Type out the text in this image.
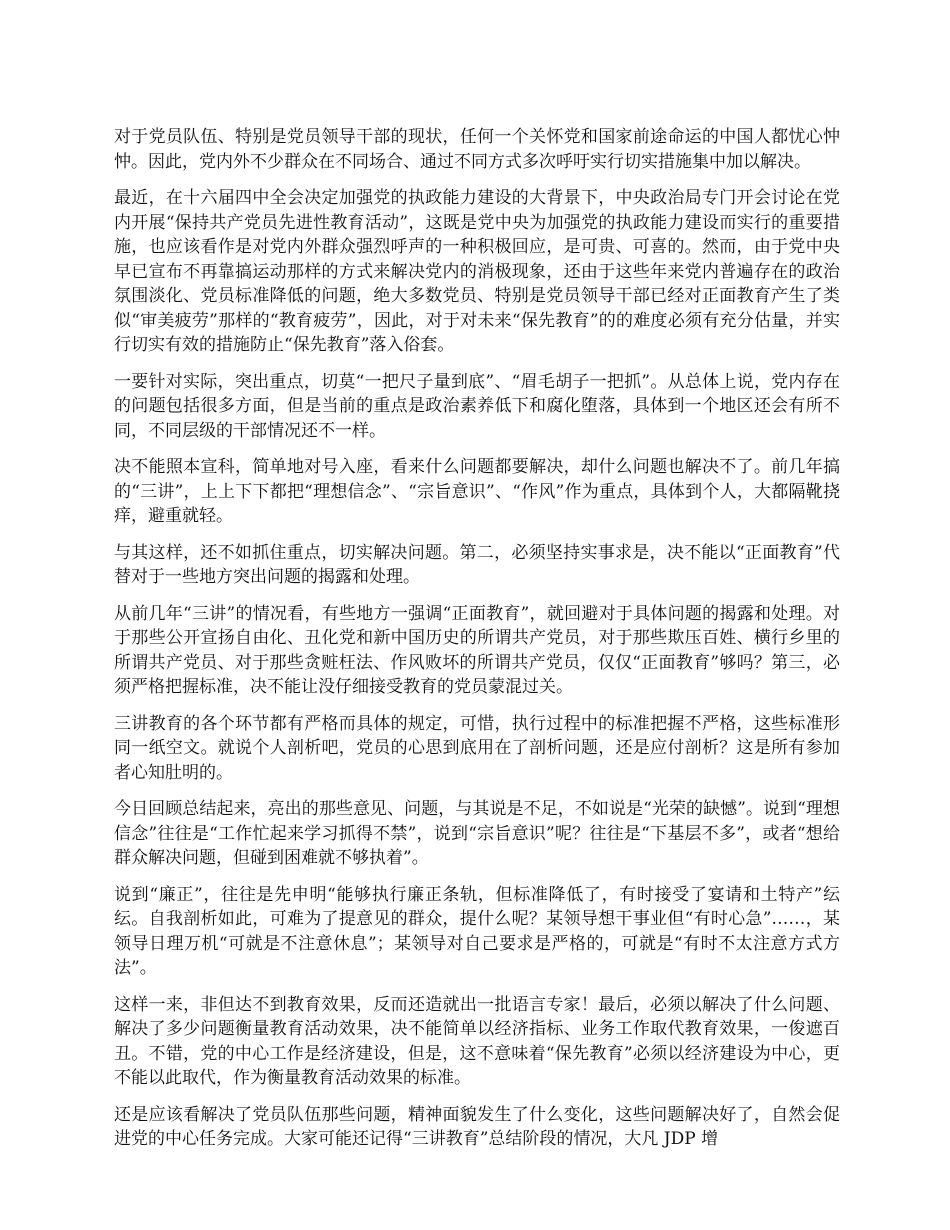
对于党员队伍、特别是党员领导干部的现状，任何一个关怀党和国家前途命运的中国人都忧心忡忡。因此，党内外不少群众在不同场合、通过不同方式多次呼吁实行切实措施集中加以解决。

最近，在十六届四中全会决定加强党的执政能力建设的大背景下，中央政治局专门开会讨论在党内开展“保持共产党员先进性教育活动”，这既是党中央为加强党的执政能力建设而实行的重要措施，也应该看作是对党内外群众强烈呼声的一种积极回应，是可贵、可喜的。然而，由于党中央早已宣布不再靠搞运动那样的方式来解决党内的消极现象，还由于这些年来党内普遍存在的政治氛围淡化、党员标准降低的问题，绝大多数党员、特别是党员领导干部已经对正面教育产生了类似“审美疲劳”那样的“教育疲劳”，因此，对于对未来“保先教育”的的难度必须有充分估量，并实行切实有效的措施防止“保先教育”落入俗套。

一要针对实际，突出重点，切莫“一把尺子量到底”、“眉毛胡子一把抓”。从总体上说，党内存在的问题包括很多方面，但是当前的重点是政治素养低下和腐化堕落，具体到一个地区还会有所不同，不同层级的干部情况还不一样。

决不能照本宣科，简单地对号入座，看来什么问题都要解决，却什么问题也解决不了。前几年搞的“三讲”，上上下下都把“理想信念”、“宗旨意识”、“作风”作为重点，具体到个人，大都隔靴挠痒，避重就轻。

与其这样，还不如抓住重点，切实解决问题。第二，必须坚持实事求是，决不能以“正面教育”代替对于一些地方突出问题的揭露和处理。

从前几年“三讲”的情况看，有些地方一强调“正面教育”，就回避对于具体问题的揭露和处理。对于那些公开宣扬自由化、丑化党和新中国历史的所谓共产党员，对于那些欺压百姓、横行乡里的所谓共产党员、对于那些贪赃枉法、作风败坏的所谓共产党员，仅仅“正面教育”够吗？第三，必须严格把握标准，决不能让没仔细接受教育的党员蒙混过关。

三讲教育的各个环节都有严格而具体的规定，可惜，执行过程中的标准把握不严格，这些标准形同一纸空文。就说个人剖析吧，党员的心思到底用在了剖析问题，还是应付剖析？这是所有参加者心知肚明的。

今日回顾总结起来，亮出的那些意见、问题，与其说是不足，不如说是“光荣的缺憾”。说到“理想信念”往往是“工作忙起来学习抓得不禁”，说到“宗旨意识”呢？往往是“下基层不多”，或者“想给群众解决问题，但碰到困难就不够执着”。

说到“廉正”，往往是先申明“能够执行廉正条轨，但标准降低了，有时接受了宴请和土特产”纭纭。自我剖析如此，可难为了提意见的群众，提什么呢？某领导想干事业但“有时心急”……，某领导日理万机“可就是不注意休息”；某领导对自己要求是严格的，可就是“有时不太注意方式方法”。

这样一来，非但达不到教育效果，反而还造就出一批语言专家！最后，必须以解决了什么问题、解决了多少问题衡量教育活动效果，决不能简单以经济指标、业务工作取代教育效果，一俊遮百丑。不错，党的中心工作是经济建设，但是，这不意味着“保先教育”必须以经济建设为中心，更不能以此取代，作为衡量教育活动效果的标准。

还是应该看解决了党员队伍那些问题，精神面貌发生了什么变化，这些问题解决好了，自然会促进党的中心任务完成。大家可能还记得“三讲教育”总结阶段的情况，大凡 JDP 增
